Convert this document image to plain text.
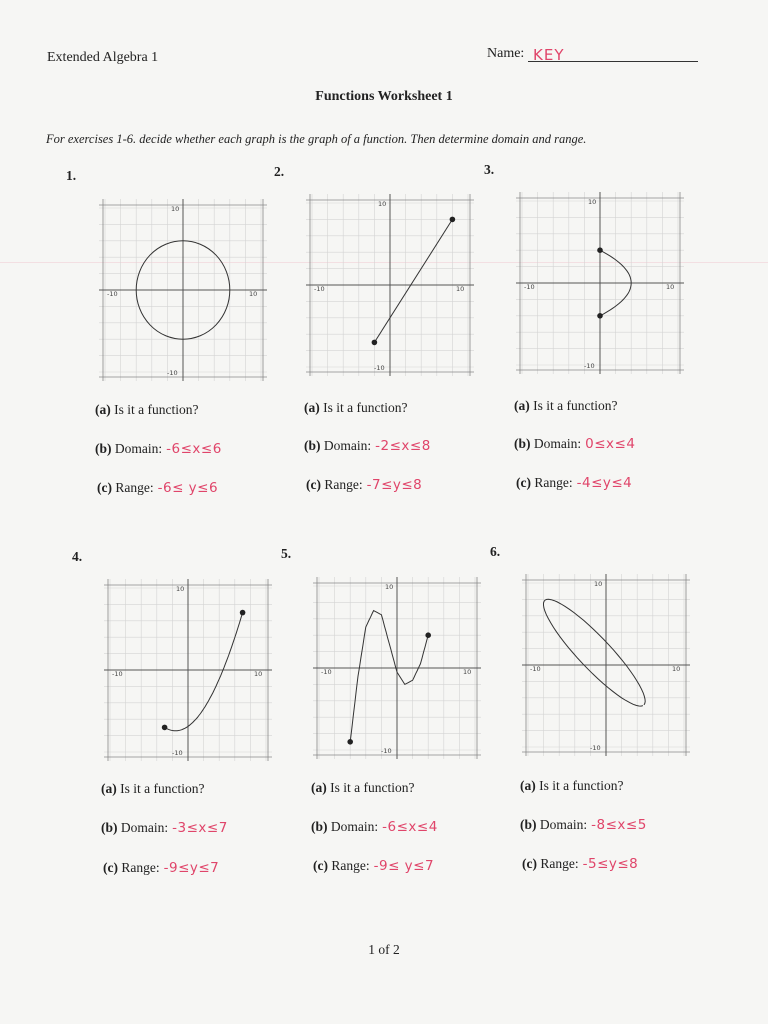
Extended Algebra 1	Name: KEY
Functions Worksheet 1
For exercises 1-6. decide whether each graph is the graph of a function. Then determine domain and range.
1.	2.	3.
10
-10
-10	10
10
-10
-10	10
10
-10
-10	10
(a) Is it a function?
(b) Domain: -6≤x≤6
(c) Range: -6≤ y≤6
(a) Is it a function?
(b) Domain: -2≤x≤8
(c) Range: -7≤y≤8
(a) Is it a function?
(b) Domain: 0≤x≤4
(c) Range: -4≤y≤4
4.	5.	6.
10
-10
-10	10
10
-10
-10	10
10
-10
-10	10
(a) Is it a function?
(b) Domain: -3≤x≤7
(c) Range: -9≤y≤7
(a) Is it a function?
(b) Domain: -6≤x≤4
(c) Range: -9≤ y≤7
(a) Is it a function?
(b) Domain: -8≤x≤5
(c) Range: -5≤y≤8
1 of 2
